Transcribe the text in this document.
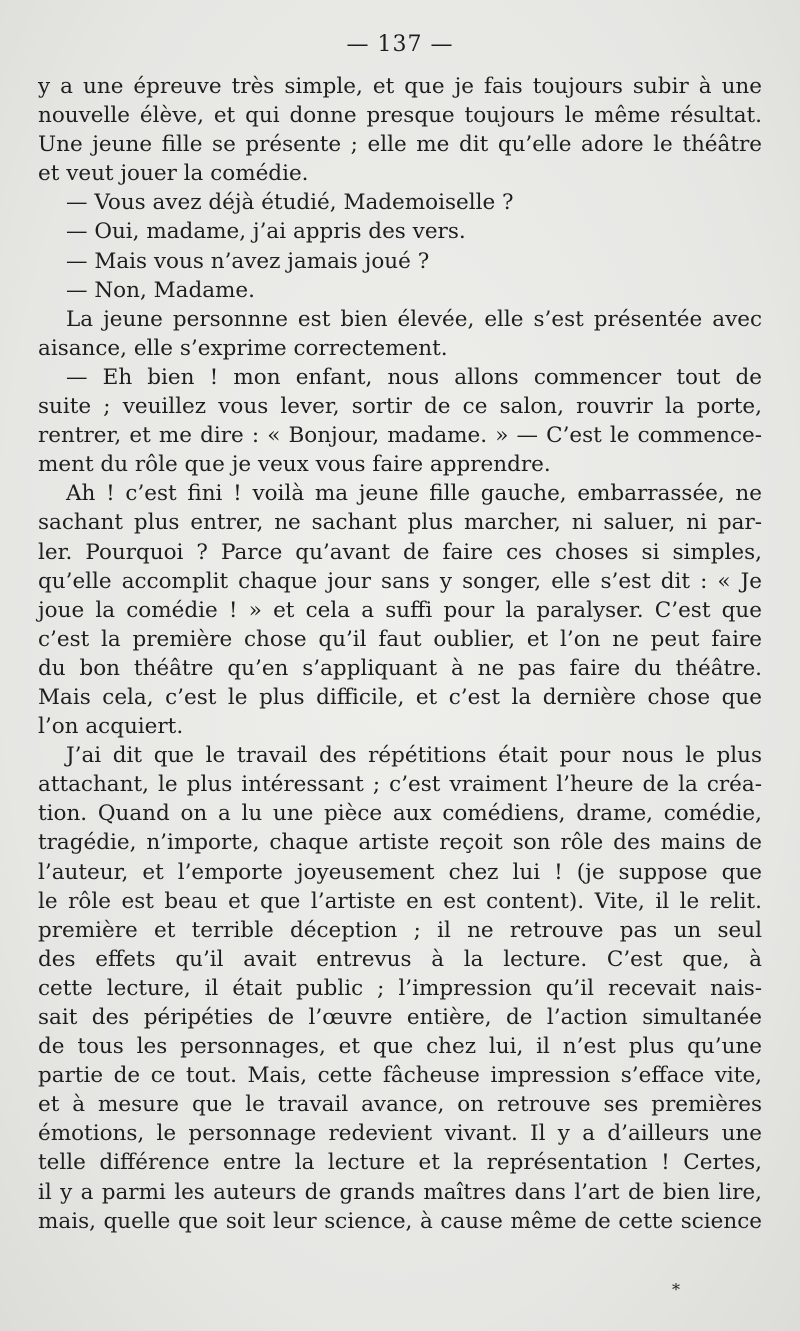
— 137 —
y a une épreuve très simple, et que je fais toujours subir à une
nouvelle élève, et qui donne presque toujours le même résultat.
Une jeune fille se présente ; elle me dit qu’elle adore le théâtre
et veut jouer la comédie.
— Vous avez déjà étudié, Mademoiselle ?
— Oui, madame, j’ai appris des vers.
— Mais vous n’avez jamais joué ?
— Non, Madame.
La jeune personnne est bien élevée, elle s’est présentée avec
aisance, elle s’exprime correctement.
— Eh bien ! mon enfant, nous allons commencer tout de
suite ; veuillez vous lever, sortir de ce salon, rouvrir la porte,
rentrer, et me dire : « Bonjour, madame. » — C’est le commence-
ment du rôle que je veux vous faire apprendre.
Ah ! c’est fini ! voilà ma jeune fille gauche, embarrassée, ne
sachant plus entrer, ne sachant plus marcher, ni saluer, ni par-
ler. Pourquoi ? Parce qu’avant de faire ces choses si simples,
qu’elle accomplit chaque jour sans y songer, elle s’est dit : « Je
joue la comédie ! » et cela a suffi pour la paralyser. C’est que
c’est la première chose qu’il faut oublier, et l’on ne peut faire
du bon théâtre qu’en s’appliquant à ne pas faire du théâtre.
Mais cela, c’est le plus difficile, et c’est la dernière chose que
l’on acquiert.
J’ai dit que le travail des répétitions était pour nous le plus
attachant, le plus intéressant ; c’est vraiment l’heure de la créa-
tion. Quand on a lu une pièce aux comédiens, drame, comédie,
tragédie, n’importe, chaque artiste reçoit son rôle des mains de
l’auteur, et l’emporte joyeusement chez lui ! (je suppose que
le rôle est beau et que l’artiste en est content). Vite, il le relit.
première et terrible déception ; il ne retrouve pas un seul
des effets qu’il avait entrevus à la lecture. C’est que, à
cette lecture, il était public ; l’impression qu’il recevait nais-
sait des péripéties de l’œuvre entière, de l’action simultanée
de tous les personnages, et que chez lui, il n’est plus qu’une
partie de ce tout. Mais, cette fâcheuse impression s’efface vite,
et à mesure que le travail avance, on retrouve ses premières
émotions, le personnage redevient vivant. Il y a d’ailleurs une
telle différence entre la lecture et la représentation ! Certes,
il y a parmi les auteurs de grands maîtres dans l’art de bien lire,
mais, quelle que soit leur science, à cause même de cette science
*
